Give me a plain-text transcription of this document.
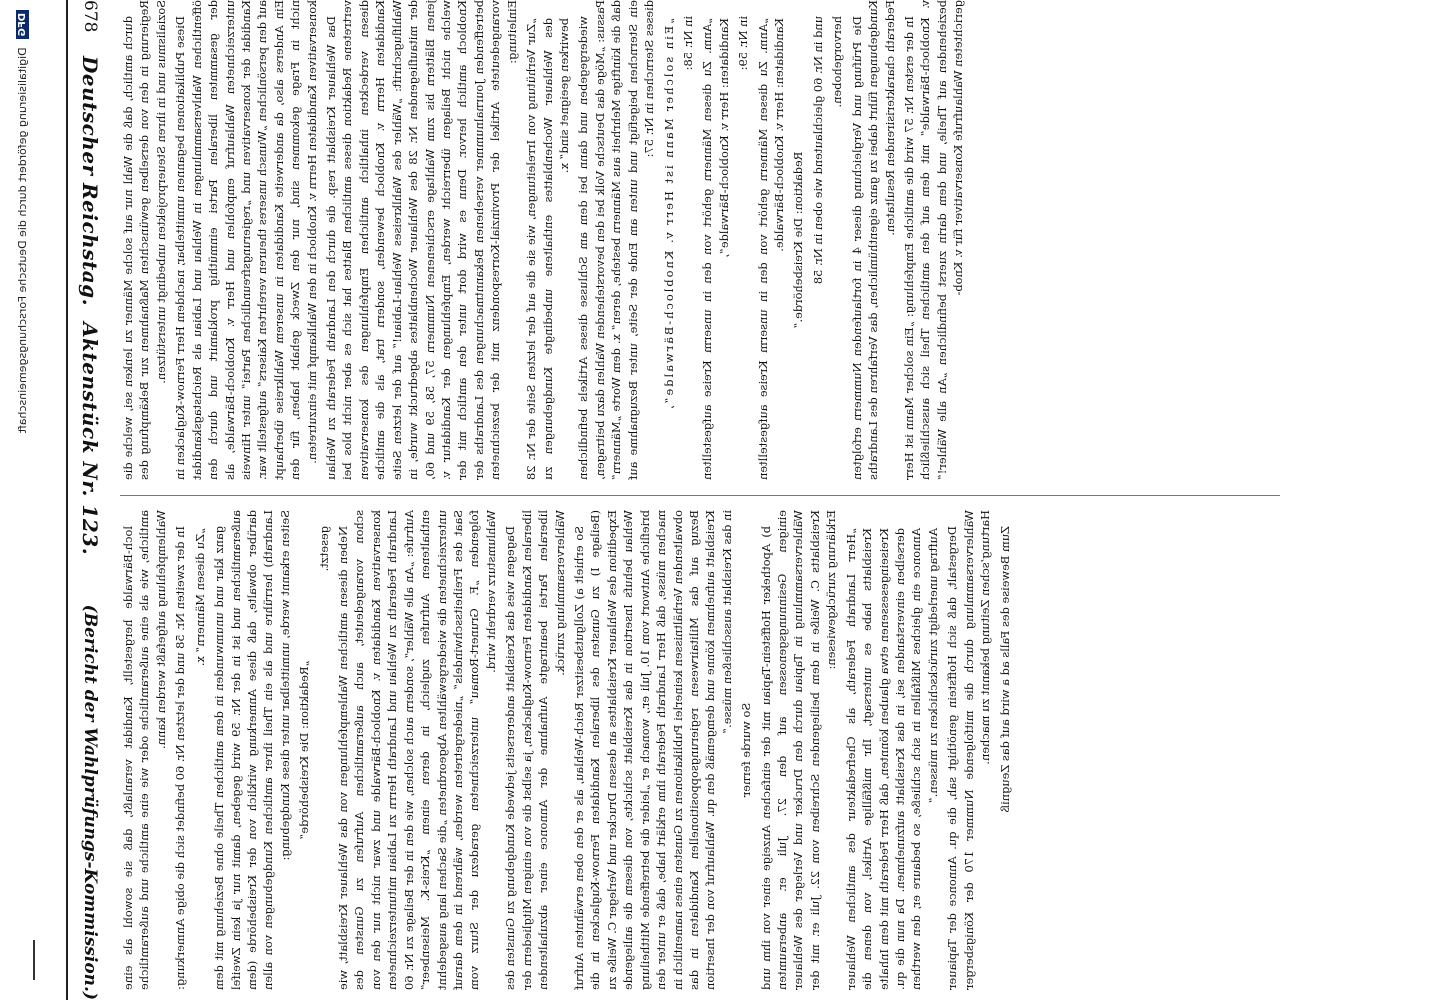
678
Deutscher Reichstag.
Aktenstück Nr. 123.
(Bericht der Wahlprüfungs-Kommission.)

durch amtlich, daß die Wahl nur auf solche Männer zu lenken sei, welche die Regierung in den von derselben gewünschten Maßnahmen zur Bekämpfung des Sozialismus und in ihren Steuerprojekten unbedingt unterstützen. Diese Publikationen begannen unmittelbar, nachdem Herr Fernow-Kuglacken in öffentlichen Wahlversammlungen in Wehlau und Labiau als Reichstagskandidat der gesammten liberalen Partei einmüthig proklamirt und durch den unterzeichneten Wahlaufruf empfohlen und Herr v. Knobloch-Bärwalde, als Kandidat der konservativen und „regierungsfreundlichen Partei“ unter Hinweis auf den persönlichen „Wunsch unseres theuren verehrten Kaisers“ aufgestellt war. Ein Anderes also, da anderweite Kandidaten in unserem Wahlkreise überhaupt nicht in Frage gekommen sind, nur den Zweck gehabt haben, für den konservativen Kandidaten Herrn v. Knobloch in den Wahlkampf mit einzutreten. Das Wehlauer Kreisblatt resp. die durch den Landrath Federath zu Wehlau vertretene Redaktion dieses amtlichen Blattes hat sich es aber nicht blos bei diesen verdeckten inhaltlich amtlichen Empfehlungen des konservativen Kandidaten Herrn v. Knobloch bewenden, sondern trat, als die amtliche Wahlflugschrift: „Wähler des Wahlkreises Wehlau-Labiau!“ auf der letzten Seite der mitaufliegenden Nr. 28 des Wehlauer Wochenblattes abgedruckt wurde, in jenen Blättern bis zum Wahltage erschienenen Nummern 57, 58, 59 und 60, welche nicht Beilagen überreicht werden, Empfehlungen der Kandidatur v. Knobloch amtlich hervor. Denn es wird dort unter den amtlich mit der betreffenden Journalnummer versehenen Bekanntmachungen des Landraths der vorangedeutete Artikel der Provinzial-Korrespondenz mit der bezeichneten Einleitung: „Zur Verhütung von Irreleitungen, wie sie die auf der letzten Seite der Nr. 28 des Wehlauer Wochenblattes enthaltene unbedingte Kundgebungen zu bewirken geeignet sind“ x. wiedergegeben und dann bei dem am Schlusse dieses Artikels befindlichen Passus: „Möge das Deutsche Volk bei den bevorstehenden Wahlen dazu beitragen, daß die künftige Mehrheit aus Männern bestehe, deren“ x. dem Worte „Männern“ ein Sternchen beigefügt und unten am Ende der Seite, unter Bezugnahme auf dieses Sternchen in Nr. 57: „Ein solcher Mann ist Herr v. Knobloch-Bärwalde“, in Nr. 58: „Anm. Zu diesen Männern gehört von den in unserm Kreise aufgestellten Kandidaten: Herr v. Knobloch-Bärwalde“, in Nr. 59: „Anm. Zu diesen Männern gehört von den in unserm Kreise aufgestellten Kandidaten: Herr v. Knobloch-Bärwalde. Redaktion: Die Kreisbehörde.“ und in Nr. 60 gleichlautend wie oben in Nr. 58 hervorgehoben. Die Prüfung und Vergleichung dieser 4 in fortlaufenden Nummern erfolgten Kundgebungen führt dabei zu ganz eigenthümlichen, das Verfahren des Landraths Federath charakterisirenden Resultaten. In der ersten Nr. 57 wird die amtliche Empfehlung: „Ein solcher Mann ist Herr v. Knobloch-Bärwalde“ mit dem auf den amtlichen Theil sich ausschließlich beziehenden auf Theile, und dem darin zuerst befindlichen „An alle Wähler!“ gerichteten Wahlaufrufe Konservativer für v. Knob-

loch-Bärwalde hergestellt, Kandidat veranlaßt, daß sie sowohl als eine amtliche, wie als eine außeramtliche oder wie eine amtliche und außeramtliche Wahlempfehlung aufgefaßt werden kann. In der zweiten Nr. 58 und der letzten Nr. 60 befindet sich die obige Anmerkung: „Zu diesen Männern“ x. ganz klar und unumwunden in dem amtlichen Theile ohne Beziehung mit dem außeramtlichen und ist in der Nr. 59 wird gegeben, damit nur ja kein Zweifel darüber obwalte, daß diese Anmerkung wirklich von der Kreisbehörde (dem Landrath) herrühre und als ein Theil ihrer amtlichen Kundgebungen von allen Seiten erkannt werde, unmittelbar unter diese Kundgebung: „Redaktion: Die Kreisbehörde“

gesetzt. Neben diesen amtlichen Wahlempfehlungen von das Wehlauer Kreisblatt, wie schon vorangedeutet, auch außeramtlichen Aufrufen zu Gunsten des konservativen Kandidaten v. Knobloch-Bärwalde und zwar nicht nur den von Landrath Federath zu Wehlau und Landrath Herrn zu Labiau mitunterzeichneten Aufrufe: „An alle Wähler“, sondern auch solchen, wie den in der Beilage zu Nr. 60 enthaltenen Aufrufen zugleich, in deren einem „Kreis-K. Meisenbeer“ unterzeichneten die wiedergewählten Abgeordneten „die Sachen lang ausgedehnt Saat des Freiheitsschwindels“ „niedergetreten werden, während in dem darauf folgenden „F. Grunert-Romau“ unterzeichneten geradezu der Sturz vom Wahlumsturz verdreht wird. Dagegen wies das Kreisblatt andererseits jedwede Kundgebung zu Gunsten des liberalen Kandidaten Fernow-Kuglacken, ja selbst die von einigen Mitgliedern der liberalen Partei beantragte Aufnahme der Annonce einer abzuhaltenden Wählerversammlung zurück. So erhielt a) Zollgutsbesitzer Reich-Wehlau, als er den oben erwähnten Aufruf (Beilage I) zu Gunsten des liberalen Kandidaten Fernow-Kuglacken in die Expedition des Wehlauer Kreisblattes an dessen Drucker und Verleger C. Weiße zu Wehlau behufs Insertion in das Kreisblatt schickte, von diesem die anliegende briefliche Antwort vom 10. Juli er., wonach er „leider die betreffende Mittheilung machen müsse, daß Herr Landrath Federath ihm erklärt habe, daß er unter den obwaltenden Verhältnissen keinerlei Publikationen zu Gunsten eines namentlich in Bezug auf das Militairwesen regierungsoppositionellen Kandidaten in das Kreisblatt aufnehmen könne und demgemäß den qu. Wahlaufruf von der Insertion in das Kreisblatt ausschließen müsse.“

So wurde ferner b) Apotheker Hoffstein-Tapiau mit der einfachen Anzeige einer von ihm und einigen Gesinnungsgenossen auf den 27. Juli er. anberaumten Wählerversammlung in Tapiau durch den Drucker und Verleger des Wehlauer Kreisblatts C. Weiße in dem beiliegenden Schreiben vom 22. Juli er. mit der Erklärung zurückgewiesen: „Herr Landrath Federath, als Chefredakteur des amtlichen Wehlauer Kreisblatts habe es untersagt, Ihr mißfällige Artikel, von denen die Kreiseingesessenen etwa glauben könnten, daß Herr Federath mit dem Inhalte derselben einverstanden sei, in das Kreisblatt aufzunehmen. Da nun die qu. Annonce ein gleiches Mißfallen in sich schließe, so bedaure er, den werthen Auftrag unerledigt zurückschicken zu müssen.“ Dergestalt, daß sich Hoffstein genöthigt sah, die qu. Annonce der Tapiauer Wählerversammlung durch die mitfolgende Nummer 170 der Königsberger Hartung’schen Zeitung bekannt zu machen. Zum Beweise des Falls ad a wird auf das Zeugniß

DFG
Digitalisierung gefördert durch die Deutsche Forschungsgemeinschaft
